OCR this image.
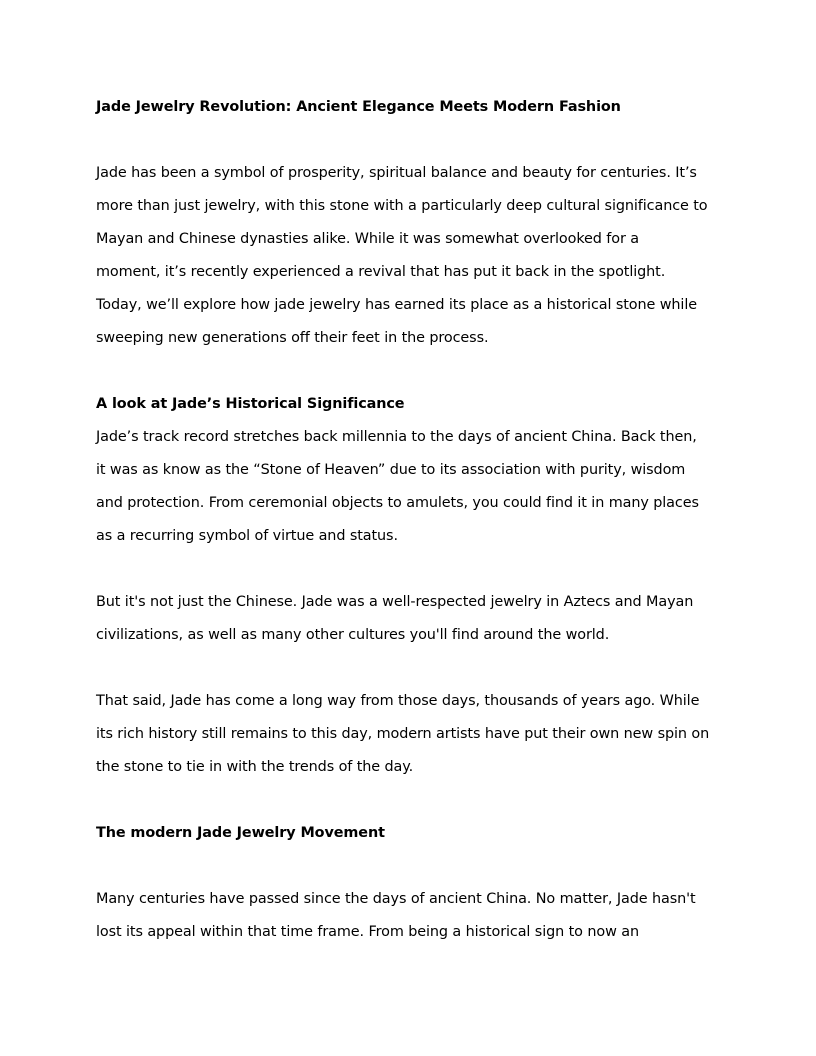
Jade Jewelry Revolution: Ancient Elegance Meets Modern Fashion
Jade has been a symbol of prosperity, spiritual balance and beauty for centuries. It’s
more than just jewelry, with this stone with a particularly deep cultural significance to
Mayan and Chinese dynasties alike. While it was somewhat overlooked for a
moment, it’s recently experienced a revival that has put it back in the spotlight.
Today, we’ll explore how jade jewelry has earned its place as a historical stone while
sweeping new generations off their feet in the process.
A look at Jade’s Historical Significance
Jade’s track record stretches back millennia to the days of ancient China. Back then,
it was as know as the “Stone of Heaven” due to its association with purity, wisdom
and protection. From ceremonial objects to amulets, you could find it in many places
as a recurring symbol of virtue and status.
But it's not just the Chinese. Jade was a well-respected jewelry in Aztecs and Mayan
civilizations, as well as many other cultures you'll find around the world.
That said, Jade has come a long way from those days, thousands of years ago. While
its rich history still remains to this day, modern artists have put their own new spin on
the stone to tie in with the trends of the day.
The modern Jade Jewelry Movement
Many centuries have passed since the days of ancient China. No matter, Jade hasn't
lost its appeal within that time frame. From being a historical sign to now an
